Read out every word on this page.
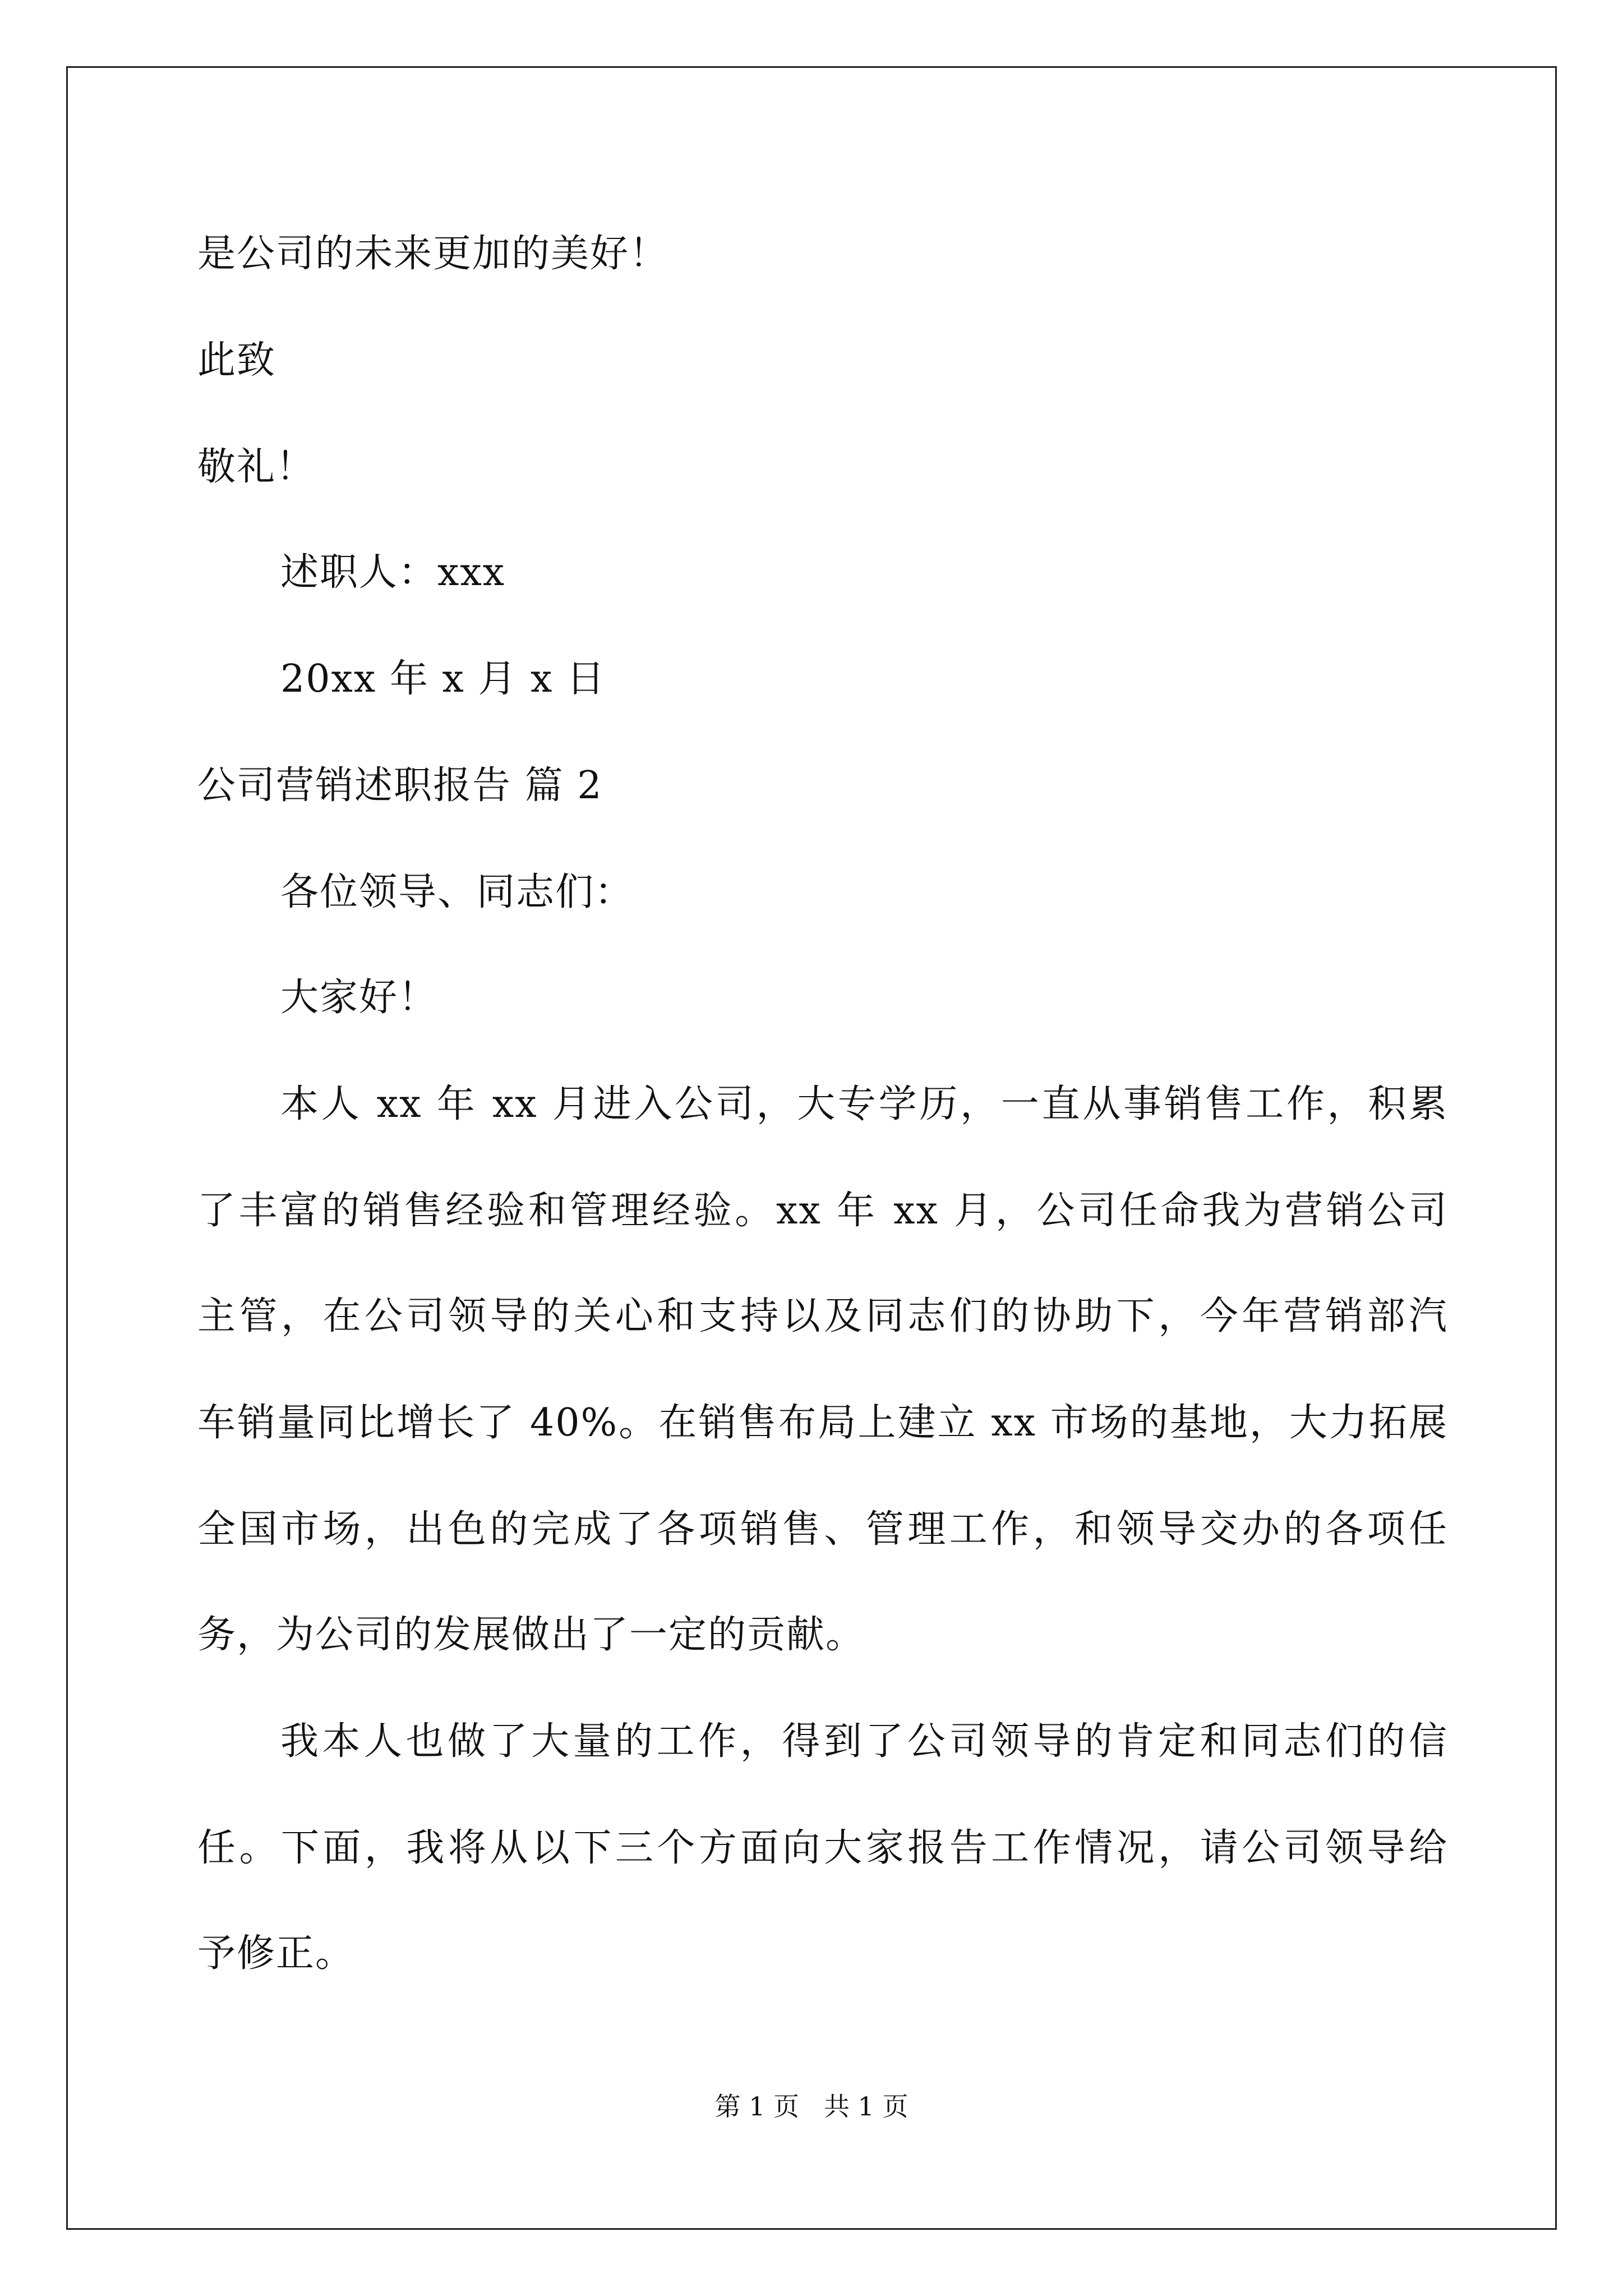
是公司的未来更加的美好！
此致
敬礼！
述职人：xxx
20xx 年 x 月 x 日
公司营销述职报告 篇 2
各位领导、同志们：
大家好！
本人 xx 年 xx 月进入公司，大专学历，一直从事销售工作，积累
了丰富的销售经验和管理经验。xx 年 xx 月，公司任命我为营销公司
主管，在公司领导的关心和支持以及同志们的协助下，今年营销部汽
车销量同比增长了 40%。在销售布局上建立 xx 市场的基地，大力拓展
全国市场，出色的完成了各项销售、管理工作，和领导交办的各项任
务，为公司的发展做出了一定的贡献。
我本人也做了大量的工作，得到了公司领导的肯定和同志们的信
任。下面，我将从以下三个方面向大家报告工作情况，请公司领导给
予修正。
第 1 页 共 1 页
